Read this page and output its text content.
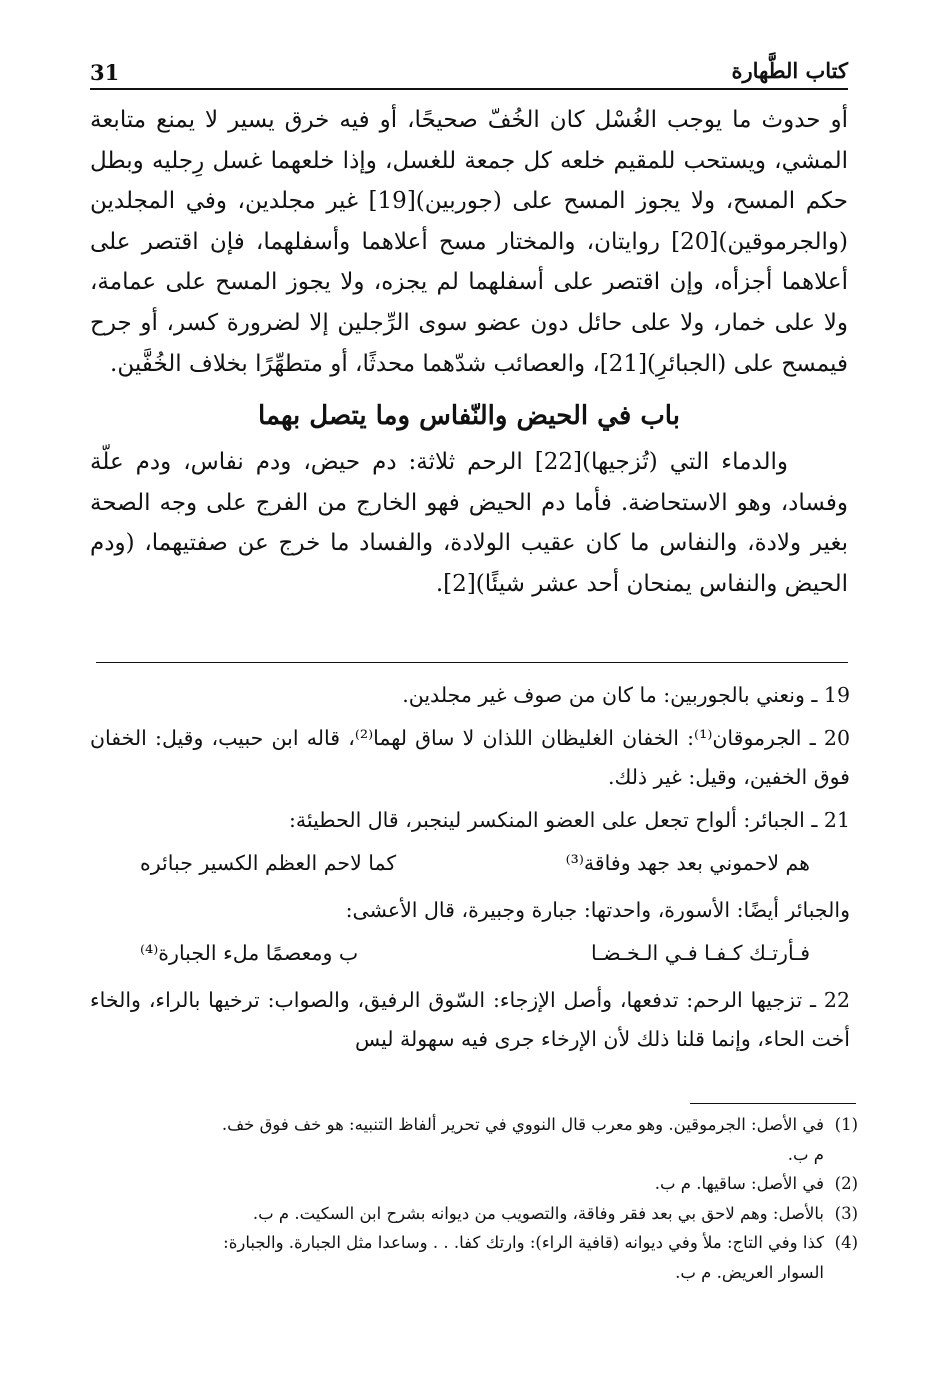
كتاب الطَّهارة
31

أو حدوث ما يوجب الغُسْل كان الخُفّ صحيحًا، أو فيه خرق يسير لا يمنع متابعة المشي، ويستحب للمقيم خلعه كل جمعة للغسل، وإذا خلعهما غسل رِجليه وبطل حكم المسح، ولا يجوز المسح على (جوربين)[19] غير مجلدين، وفي المجلدين (والجرموقين)[20] روايتان، والمختار مسح أعلاهما وأسفلهما، فإن اقتصر على أعلاهما أجزأه، وإن اقتصر على أسفلهما لم يجزه، ولا يجوز المسح على عمامة، ولا على خمار، ولا على حائل دون عضو سوى الرِّجلين إلا لضرورة كسر، أو جرح فيمسح على (الجبائرِ)[21]، والعصائب شدّهما محدثًا، أو متطهِّرًا بخلاف الخُفَّين.

باب في الحيض والنّفاس وما يتصل بهما

والدماء التي (تُزجيها)[22] الرحم ثلاثة: دم حيض، ودم نفاس، ودم علّة وفساد، وهو الاستحاضة. فأما دم الحيض فهو الخارج من الفرج على وجه الصحة بغير ولادة، والنفاس ما كان عقيب الولادة، والفساد ما خرج عن صفتيهما، (ودم الحيض والنفاس يمنحان أحد عشر شيئًا)[2].

19 ـ ونعني بالجوربين: ما كان من صوف غير مجلدين.

20 ـ الجرموقان⁽¹⁾: الخفان الغليظان اللذان لا ساق لهما⁽²⁾، قاله ابن حبيب، وقيل: الخفان فوق الخفين، وقيل: غير ذلك.

21 ـ الجبائر: ألواح تجعل على العضو المنكسر لينجبر، قال الحطيئة:

هم لاحموني بعد جهد وفاقة⁽³⁾
كما لاحم العظم الكسير جبائره

والجبائر أيضًا: الأسورة، واحدتها: جبارة وجبيرة، قال الأعشى:

فـأرتـك كـفـا فـي الـخـضـا
ب ومعصمًا ملء الجبارة⁽⁴⁾

22 ـ تزجيها الرحم: تدفعها، وأصل الإزجاء: السّوق الرفيق، والصواب: ترخيها بالراء، والخاء أخت الحاء، وإنما قلنا ذلك لأن الإرخاء جرى فيه سهولة ليس

(1)في الأصل: الجرموقين. وهو معرب قال النووي في تحرير ألفاظ التنبيه: هو خف فوق خف.

م ب.

(2)في الأصل: ساقيها. م ب.

(3)بالأصل: وهم لاحق بي بعد فقر وفاقة، والتصويب من ديوانه بشرح ابن السكيت. م ب.

(4)كذا وفي التاج: ملأ وفي ديوانه (قافية الراء): وارتك كفا. . . وساعدا مثل الجبارة. والجبارة:

السوار العريض. م ب.
